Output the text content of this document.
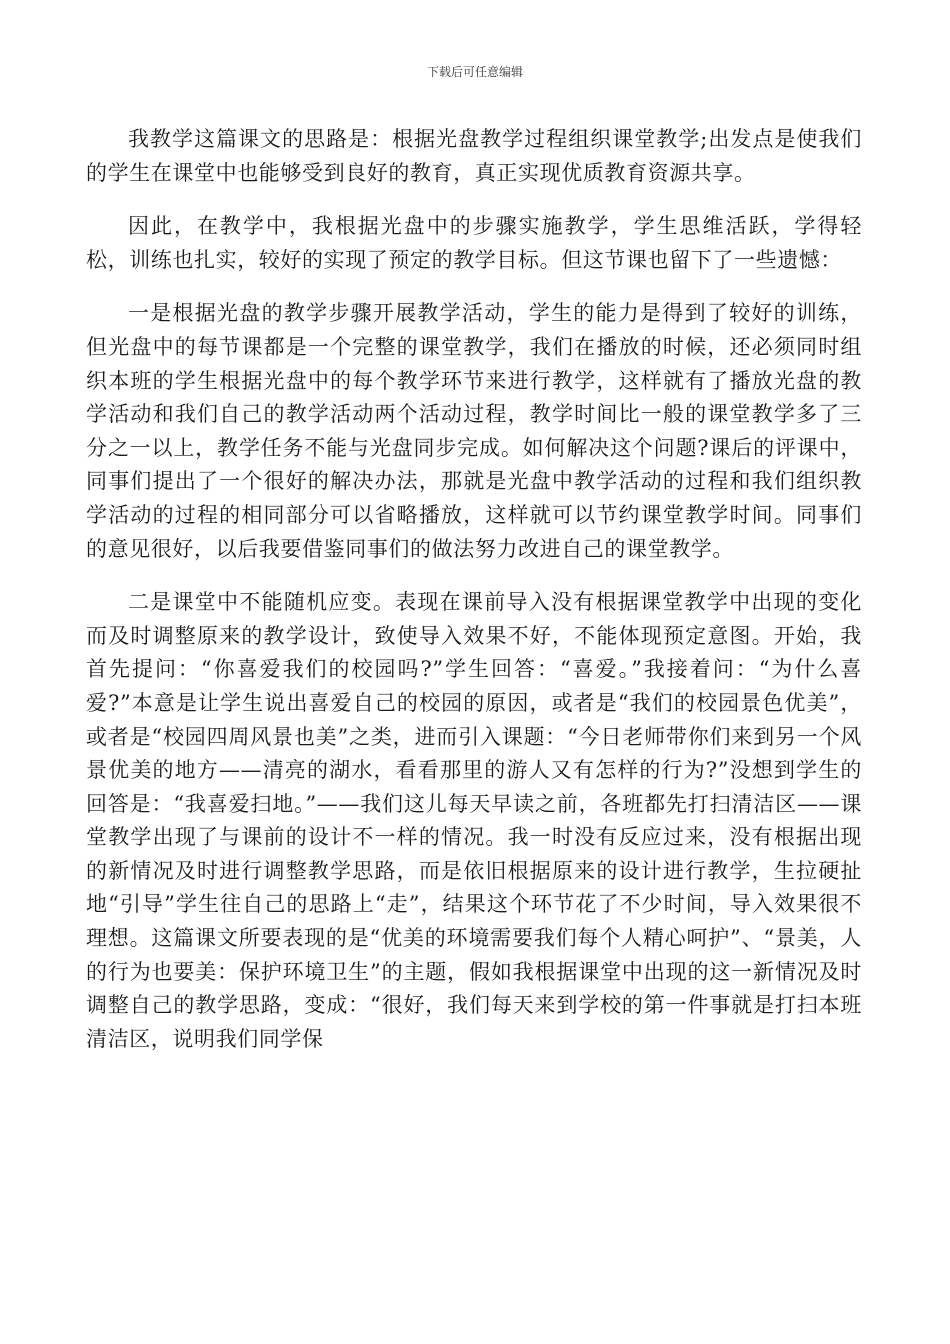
下载后可任意编辑

我教学这篇课文的思路是：根据光盘教学过程组织课堂教学;出发点是使我们的学生在课堂中也能够受到良好的教育，真正实现优质教育资源共享。

因此，在教学中，我根据光盘中的步骤实施教学，学生思维活跃，学得轻松，训练也扎实，较好的实现了预定的教学目标。但这节课也留下了一些遗憾：

一是根据光盘的教学步骤开展教学活动，学生的能力是得到了较好的训练，但光盘中的每节课都是一个完整的课堂教学，我们在播放的时候，还必须同时组织本班的学生根据光盘中的每个教学环节来进行教学，这样就有了播放光盘的教学活动和我们自己的教学活动两个活动过程，教学时间比一般的课堂教学多了三分之一以上，教学任务不能与光盘同步完成。如何解决这个问题?课后的评课中，同事们提出了一个很好的解决办法，那就是光盘中教学活动的过程和我们组织教学活动的过程的相同部分可以省略播放，这样就可以节约课堂教学时间。同事们的意见很好，以后我要借鉴同事们的做法努力改进自己的课堂教学。

二是课堂中不能随机应变。表现在课前导入没有根据课堂教学中出现的变化而及时调整原来的教学设计，致使导入效果不好，不能体现预定意图。开始，我首先提问：“你喜爱我们的校园吗?”学生回答：“喜爱。”我接着问：“为什么喜爱?”本意是让学生说出喜爱自己的校园的原因，或者是“我们的校园景色优美”，或者是“校园四周风景也美”之类，进而引入课题：“今日老师带你们来到另一个风景优美的地方——清亮的湖水，看看那里的游人又有怎样的行为?”没想到学生的回答是：“我喜爱扫地。”——我们这儿每天早读之前，各班都先打扫清洁区——课堂教学出现了与课前的设计不一样的情况。我一时没有反应过来，没有根据出现的新情况及时进行调整教学思路，而是依旧根据原来的设计进行教学，生拉硬扯地“引导”学生往自己的思路上“走”，结果这个环节花了不少时间，导入效果很不理想。这篇课文所要表现的是“优美的环境需要我们每个人精心呵护”、“景美，人的行为也要美：保护环境卫生”的主题，假如我根据课堂中出现的这一新情况及时调整自己的教学思路，变成：“很好，我们每天来到学校的第一件事就是打扫本班清洁区，说明我们同学保
